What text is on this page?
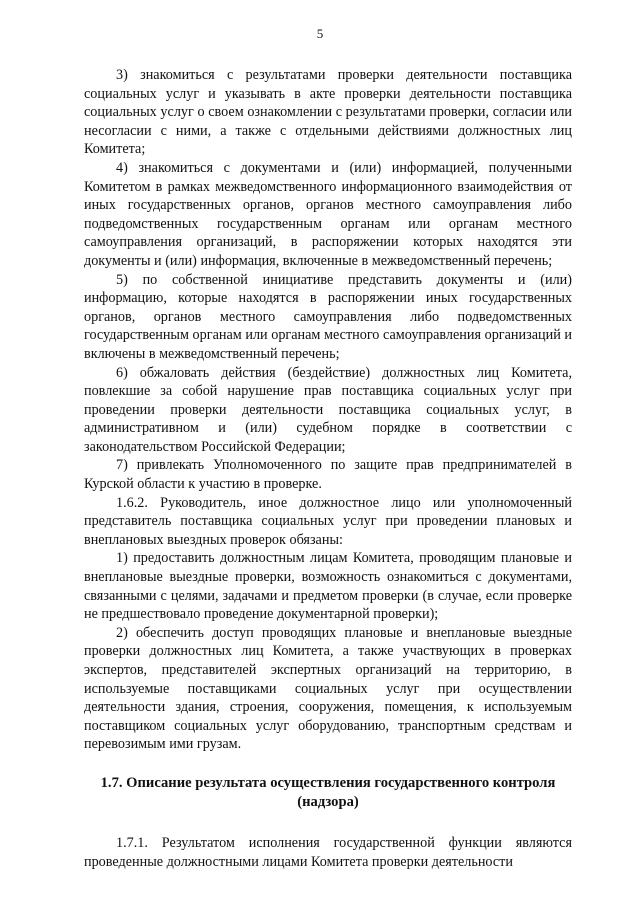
5

3) знакомиться с результатами проверки деятельности поставщика социальных услуг и указывать в акте проверки деятельности поставщика социальных услуг о своем ознакомлении с результатами проверки, согласии или несогласии с ними, а также с отдельными действиями должностных лиц Комитета;

4) знакомиться с документами и (или) информацией, полученными Комитетом в рамках межведомственного информационного взаимодействия от иных государственных органов, органов местного самоуправления либо подведомственных государственным органам или органам местного самоуправления организаций, в распоряжении которых находятся эти документы и (или) информация, включенные в межведомственный перечень;

5) по собственной инициативе представить документы и (или) информацию, которые находятся в распоряжении иных государственных органов, органов местного самоуправления либо подведомственных государственным органам или органам местного самоуправления организаций и включены в межведомственный перечень;

6) обжаловать действия (бездействие) должностных лиц Комитета, повлекшие за собой нарушение прав поставщика социальных услуг при проведении проверки деятельности поставщика социальных услуг, в административном и (или) судебном порядке в соответствии с законодательством Российской Федерации;

7) привлекать Уполномоченного по защите прав предпринимателей в Курской области к участию в проверке.

1.6.2. Руководитель, иное должностное лицо или уполномоченный представитель поставщика социальных услуг при проведении плановых и внеплановых выездных проверок обязаны:

1) предоставить должностным лицам Комитета, проводящим плановые и внеплановые выездные проверки, возможность ознакомиться с документами, связанными с целями, задачами и предметом проверки (в случае, если проверке не предшествовало проведение документарной проверки);

2) обеспечить доступ проводящих плановые и внеплановые выездные проверки должностных лиц Комитета, а также участвующих в проверках экспертов, представителей экспертных организаций на территорию, в используемые поставщиками социальных услуг при осуществлении деятельности здания, строения, сооружения, помещения, к используемым поставщиком социальных услуг оборудованию, транспортным средствам и перевозимым ими грузам.

1.7. Описание результата осуществления государственного контроля (надзора)

1.7.1. Результатом исполнения государственной функции являются проведенные должностными лицами Комитета проверки деятельности
